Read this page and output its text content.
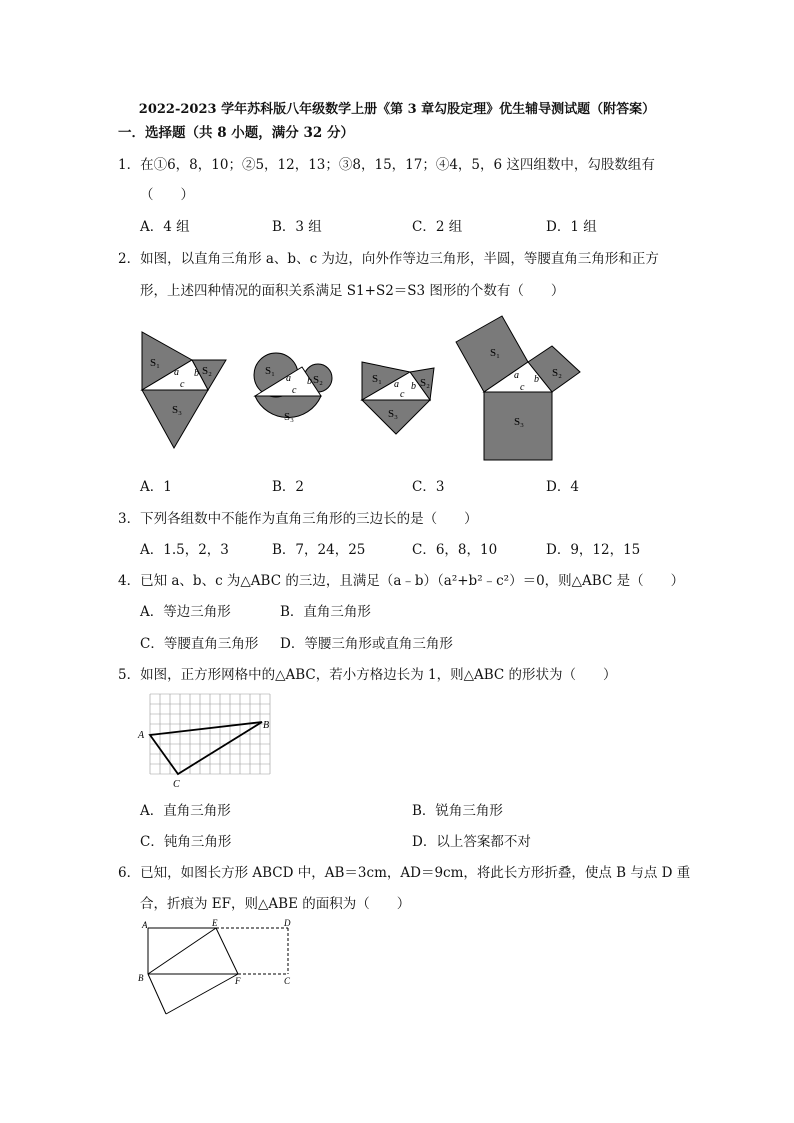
2022-2023 学年苏科版八年级数学上册《第 3 章勾股定理》优生辅导测试题（附答案）
一．选择题（共 8 小题，满分 32 分）
1．在①6，8，10；②5，12，13；③8，15，17；④4，5，6 这四组数中，勾股数组有
（　　）
A．4 组	B．3 组	C．2 组	D．1 组
2．如图，以直角三角形 a、b、c 为边，向外作等边三角形，半圆，等腰直角三角形和正方
形，上述四种情况的面积关系满足 S1+S2＝S3 图形的个数有（　　）
S₁
S₂
S₃
a b
c
S₁
S₂
S₃
a b
c
S₁	S₂
S₃
a b
c
S₁
S₂
S₃
a b
c
A．1	B．2	C．3	D．4
3．下列各组数中不能作为直角三角形的三边长的是（　　）
A．1.5，2，3	B．7，24，25	C．6，8，10	D．9，12，15
4．已知 a、b、c 为△ABC 的三边，且满足（a﹣b）（a²+b²﹣c²）＝0，则△ABC 是（　　）
A．等边三角形	B．直角三角形
C．等腰直角三角形 D．等腰三角形或直角三角形
5．如图，正方形网格中的△ABC，若小方格边长为 1，则△ABC 的形状为（　　）
A
B
C
A．直角三角形	B．锐角三角形
C．钝角三角形	D．以上答案都不对
6．已知，如图长方形 ABCD 中，AB＝3cm，AD＝9cm，将此长方形折叠，使点 B 与点 D 重
合，折痕为 EF，则△ABE 的面积为（　　）
A	E	D
B	F	C
